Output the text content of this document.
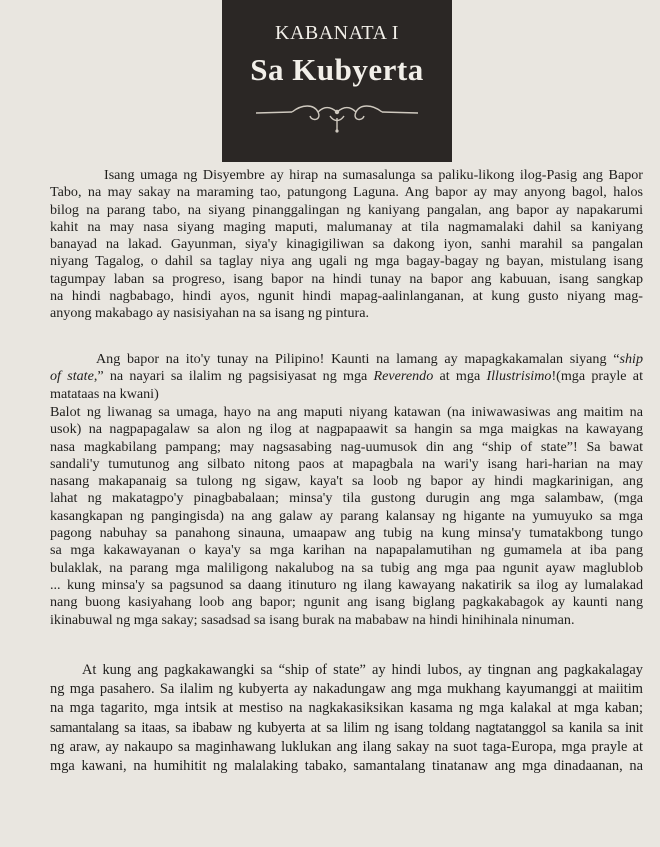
KABANATA I
Sa Kubyerta
Isang umaga ng Disyembre ay hirap na sumasalunga sa paliku-likong ilog-Pasig ang Bapor
Tabo, na may sakay na maraming tao, patungong Laguna. Ang bapor ay may anyong bagol, halos
bilog na parang tabo, na siyang pinanggalingan ng kaniyang pangalan, ang bapor ay napakarumi
kahit na may nasa siyang maging maputi, malumanay at tila nagmamalaki dahil sa kaniyang
banayad na lakad. Gayunman, siya'y kinagigiliwan sa dakong iyon, sanhi marahil sa pangalan
niyang Tagalog, o dahil sa taglay niya ang ugali ng mga bagay-bagay ng bayan, mistulang isang
tagumpay laban sa progreso, isang bapor na hindi tunay na bapor ang kabuuan, isang sangkap
na hindi nagbabago, hindi ayos, ngunit hindi mapag-aalinlanganan, at kung gusto niyang mag-
anyong makabago ay nasisiyahan na sa isang ng pintura.
Ang bapor na ito'y tunay na Pilipino! Kaunti na lamang ay mapagkakamalan siyang “ship
of state,” na nayari sa ilalim ng pagsisiyasat ng mga Reverendo at mga Illustrisimo!(mga prayle at
matataas na kwani)
Balot ng liwanag sa umaga, hayo na ang maputi niyang katawan (na iniwawasiwas ang maitim na
usok) na nagpapagalaw sa alon ng ilog at nagpapaawit sa hangin sa mga maigkas na kawayang
nasa magkabilang pampang; may nagsasabing nag-uumusok din ang “ship of state”! Sa bawat
sandali'y tumutunog ang silbato nitong paos at mapagbala na wari'y isang hari-harian na may
nasang makapanaig sa tulong ng sigaw, kaya't sa loob ng bapor ay hindi magkarinigan, ang
lahat ng makatagpo'y pinagbabalaan; minsa'y tila gustong durugin ang mga salambaw, (mga
kasangkapan ng pangingisda) na ang galaw ay parang kalansay ng higante na yumuyuko sa mga
pagong nabuhay sa panahong sinauna, umaapaw ang tubig na kung minsa'y tumatakbong tungo
sa mga kakawayanan o kaya'y sa mga karihan na napapalamutihan ng gumamela at iba pang
bulaklak, na parang mga maliligong nakalubog na sa tubig ang mga paa ngunit ayaw maglublob
... kung minsa'y sa pagsunod sa daang itinuturo ng ilang kawayang nakatirik sa ilog ay lumalakad
nang buong kasiyahang loob ang bapor; ngunit ang isang biglang pagkakabagok ay kaunti nang
ikinabuwal ng mga sakay; sasadsad sa isang burak na mababaw na hindi hinihinala ninuman.
At kung ang pagkakawangki sa “ship of state” ay hindi lubos, ay tingnan ang pagkakalagay
ng mga pasahero. Sa ilalim ng kubyerta ay nakadungaw ang mga mukhang kayumanggi at maiitim
na mga tagarito, mga intsik at mestiso na nagkakasiksikan kasama ng mga kalakal at mga kaban;
samantalang sa itaas, sa ibabaw ng kubyerta at sa lilim ng isang toldang nagtatanggol sa kanila sa init
ng araw, ay nakaupo sa maginhawang luklukan ang ilang sakay na suot taga-Europa, mga prayle at
mga kawani, na humihitit ng malalaking tabako, samantalang tinatanaw ang mga dinadaanan, na
